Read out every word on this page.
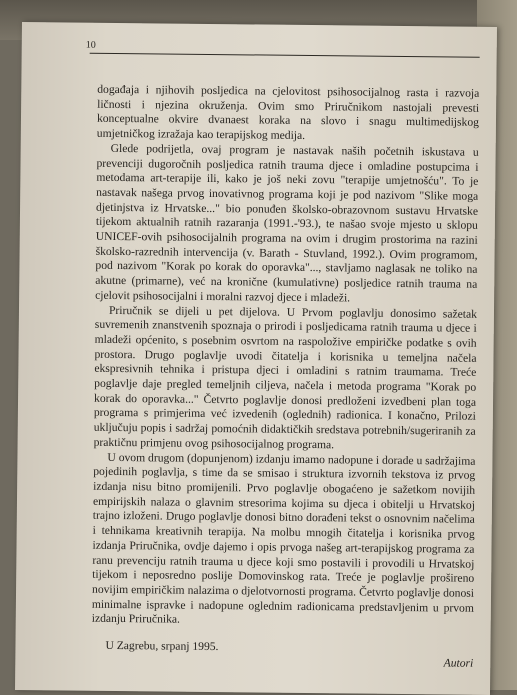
10

događaja i njihovih posljedica na cjelovitost psihosocijalnog rasta i razvoja ličnosti i njezina okruženja. Ovim smo Priručnikom nastojali prevesti konceptualne okvire dvanaest koraka na slovo i snagu multimedijskog umjetničkog izražaja kao terapijskog medija.

Glede podrijetla, ovaj program je nastavak naših početnih iskustava u prevenciji dugoročnih posljedica ratnih trauma djece i omladine postupcima i metodama art-terapije ili, kako je još neki zovu "terapije umjetnošću". To je nastavak našega prvog inovativnog programa koji je pod nazivom "Slike moga djetinjstva iz Hrvatske..." bio ponuđen školsko-obrazovnom sustavu Hrvatske tijekom aktualnih ratnih razaranja (1991.-'93.), te našao svoje mjesto u sklopu UNICEF-ovih psihosocijalnih programa na ovim i drugim prostorima na razini školsko-razrednih intervencija (v. Barath - Stuvland, 1992.). Ovim programom, pod nazivom "Korak po korak do oporavka"..., stavljamo naglasak ne toliko na akutne (primarne), već na kronične (kumulativne) posljedice ratnih trauma na cjelovit psihosocijalni i moralni razvoj djece i mladeži.

Priručnik se dijeli u pet dijelova. U Prvom poglavlju donosimo sažetak suvremenih znanstvenih spoznaja o prirodi i posljedicama ratnih trauma u djece i mladeži općenito, s posebnim osvrtom na raspoložive empiričke podatke s ovih prostora. Drugo poglavlje uvodi čitatelja i korisnika u temeljna načela ekspresivnih tehnika i pristupa djeci i omladini s ratnim traumama. Treće poglavlje daje pregled temeljnih ciljeva, načela i metoda programa "Korak po korak do oporavka..." Četvrto poglavlje donosi predloženi izvedbeni plan toga programa s primjerima već izvedenih (oglednih) radionica. I konačno, Prilozi uključuju popis i sadržaj pomoćnih didaktičkih sredstava potrebnih/sugeriranih za praktičnu primjenu ovog psihosocijalnog programa.

U ovom drugom (dopunjenom) izdanju imamo nadopune i dorade u sadržajima pojedinih poglavlja, s time da se smisao i struktura izvornih tekstova iz prvog izdanja nisu bitno promijenili. Prvo poglavlje obogaćeno je sažetkom novijih empirijskih nalaza o glavnim stresorima kojima su djeca i obitelji u Hrvatskoj trajno izloženi. Drugo poglavlje donosi bitno dorađeni tekst o osnovnim načelima i tehnikama kreativnih terapija. Na molbu mnogih čitatelja i korisnika prvog izdanja Priručnika, ovdje dajemo i opis prvoga našeg art-terapijskog programa za ranu prevenciju ratnih trauma u djece koji smo postavili i provodili u Hrvatskoj tijekom i neposredno poslije Domovinskog rata. Treće je poglavlje prošireno novijim empiričkim nalazima o djelotvornosti programa. Četvrto poglavlje donosi minimalne ispravke i nadopune oglednim radionicama predstavljenim u prvom izdanju Priručnika.

U Zagrebu, srpanj 1995.
Autori
